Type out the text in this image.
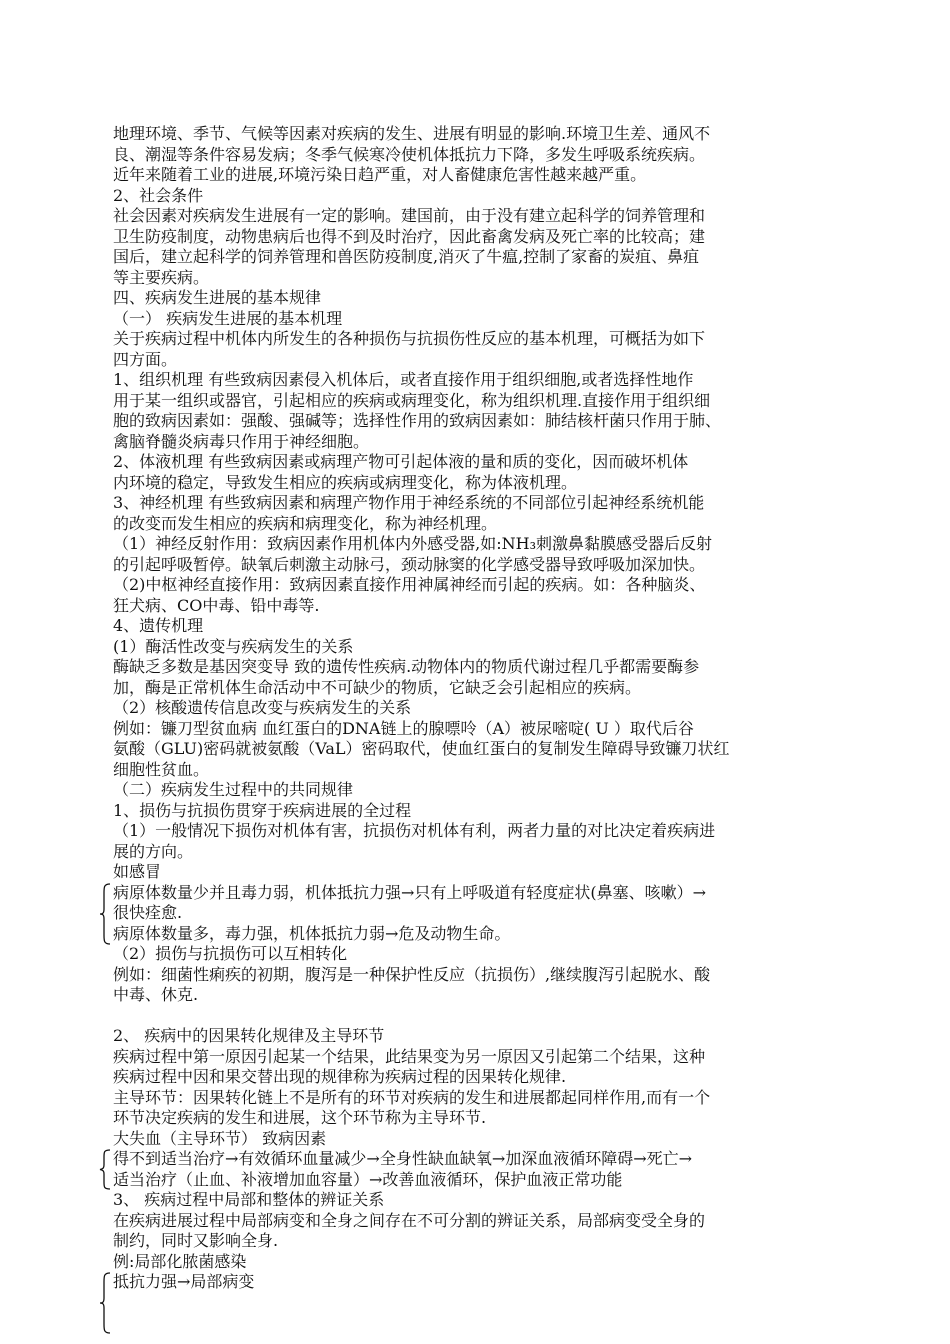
地理环境、季节、气候等因素对疾病的发生、进展有明显的影响.环境卫生差、通风不
良、潮湿等条件容易发病；冬季气候寒冷使机体抵抗力下降，多发生呼吸系统疾病。
近年来随着工业的进展,环境污染日趋严重，对人畜健康危害性越来越严重。
2、社会条件
社会因素对疾病发生进展有一定的影响。建国前，由于没有建立起科学的饲养管理和
卫生防疫制度，动物患病后也得不到及时治疗，因此畜禽发病及死亡率的比较高；建
国后，建立起科学的饲养管理和兽医防疫制度,消灭了牛瘟,控制了家畜的炭疽、鼻疽
等主要疾病。
四、疾病发生进展的基本规律
（一） 疾病发生进展的基本机理
关于疾病过程中机体内所发生的各种损伤与抗损伤性反应的基本机理，可概括为如下
四方面。
1、组织机理 有些致病因素侵入机体后，或者直接作用于组织细胞,或者选择性地作
用于某一组织或器官，引起相应的疾病或病理变化，称为组织机理.直接作用于组织细
胞的致病因素如：强酸、强碱等；选择性作用的致病因素如：肺结核杆菌只作用于肺、
禽脑脊髓炎病毒只作用于神经细胞。
2、体液机理 有些致病因素或病理产物可引起体液的量和质的变化，因而破坏机体
内环境的稳定，导致发生相应的疾病或病理变化，称为体液机理。
3、神经机理 有些致病因素和病理产物作用于神经系统的不同部位引起神经系统机能
的改变而发生相应的疾病和病理变化，称为神经机理。
（1）神经反射作用：致病因素作用机体内外感受器,如:NH₃刺激鼻黏膜感受器后反射
的引起呼吸暂停。缺氧后刺激主动脉弓，颈动脉窦的化学感受器导致呼吸加深加快。
（2)中枢神经直接作用：致病因素直接作用神属神经而引起的疾病。如：各种脑炎、
狂犬病、CO中毒、铅中毒等.
4、遗传机理
(1）酶活性改变与疾病发生的关系
酶缺乏多数是基因突变导 致的遗传性疾病.动物体内的物质代谢过程几乎都需要酶参
加，酶是正常机体生命活动中不可缺少的物质，它缺乏会引起相应的疾病。
（2）核酸遗传信息改变与疾病发生的关系
例如：镰刀型贫血病 血红蛋白的DNA链上的腺嘌呤（A）被尿嘧啶( U ）取代后谷
氨酸（GLU)密码就被氨酸（VaL）密码取代，使血红蛋白的复制发生障碍导致镰刀状红
细胞性贫血。
（二）疾病发生过程中的共同规律
1、损伤与抗损伤贯穿于疾病进展的全过程
（1）一般情况下损伤对机体有害，抗损伤对机体有利，两者力量的对比决定着疾病进
展的方向。
如感冒
病原体数量少并且毒力弱，机体抵抗力强→只有上呼吸道有轻度症状(鼻塞、咳嗽）→
很快痊愈.
病原体数量多，毒力强，机体抵抗力弱→危及动物生命。
（2）损伤与抗损伤可以互相转化
例如：细菌性痢疾的初期，腹泻是一种保护性反应（抗损伤）,继续腹泻引起脱水、酸
中毒、休克.
2、 疾病中的因果转化规律及主导环节
疾病过程中第一原因引起某一个结果，此结果变为另一原因又引起第二个结果，这种
疾病过程中因和果交替出现的规律称为疾病过程的因果转化规律.
主导环节：因果转化链上不是所有的环节对疾病的发生和进展都起同样作用,而有一个
环节决定疾病的发生和进展，这个环节称为主导环节.
大失血（主导环节） 致病因素
得不到适当治疗→有效循环血量减少→全身性缺血缺氧→加深血液循环障碍→死亡→
适当治疗（止血、补液增加血容量）→改善血液循环，保护血液正常功能
3、 疾病过程中局部和整体的辨证关系
在疾病进展过程中局部病变和全身之间存在不可分割的辨证关系，局部病变受全身的
制约，同时又影响全身.
例:局部化脓菌感染
抵抗力强→局部病变
